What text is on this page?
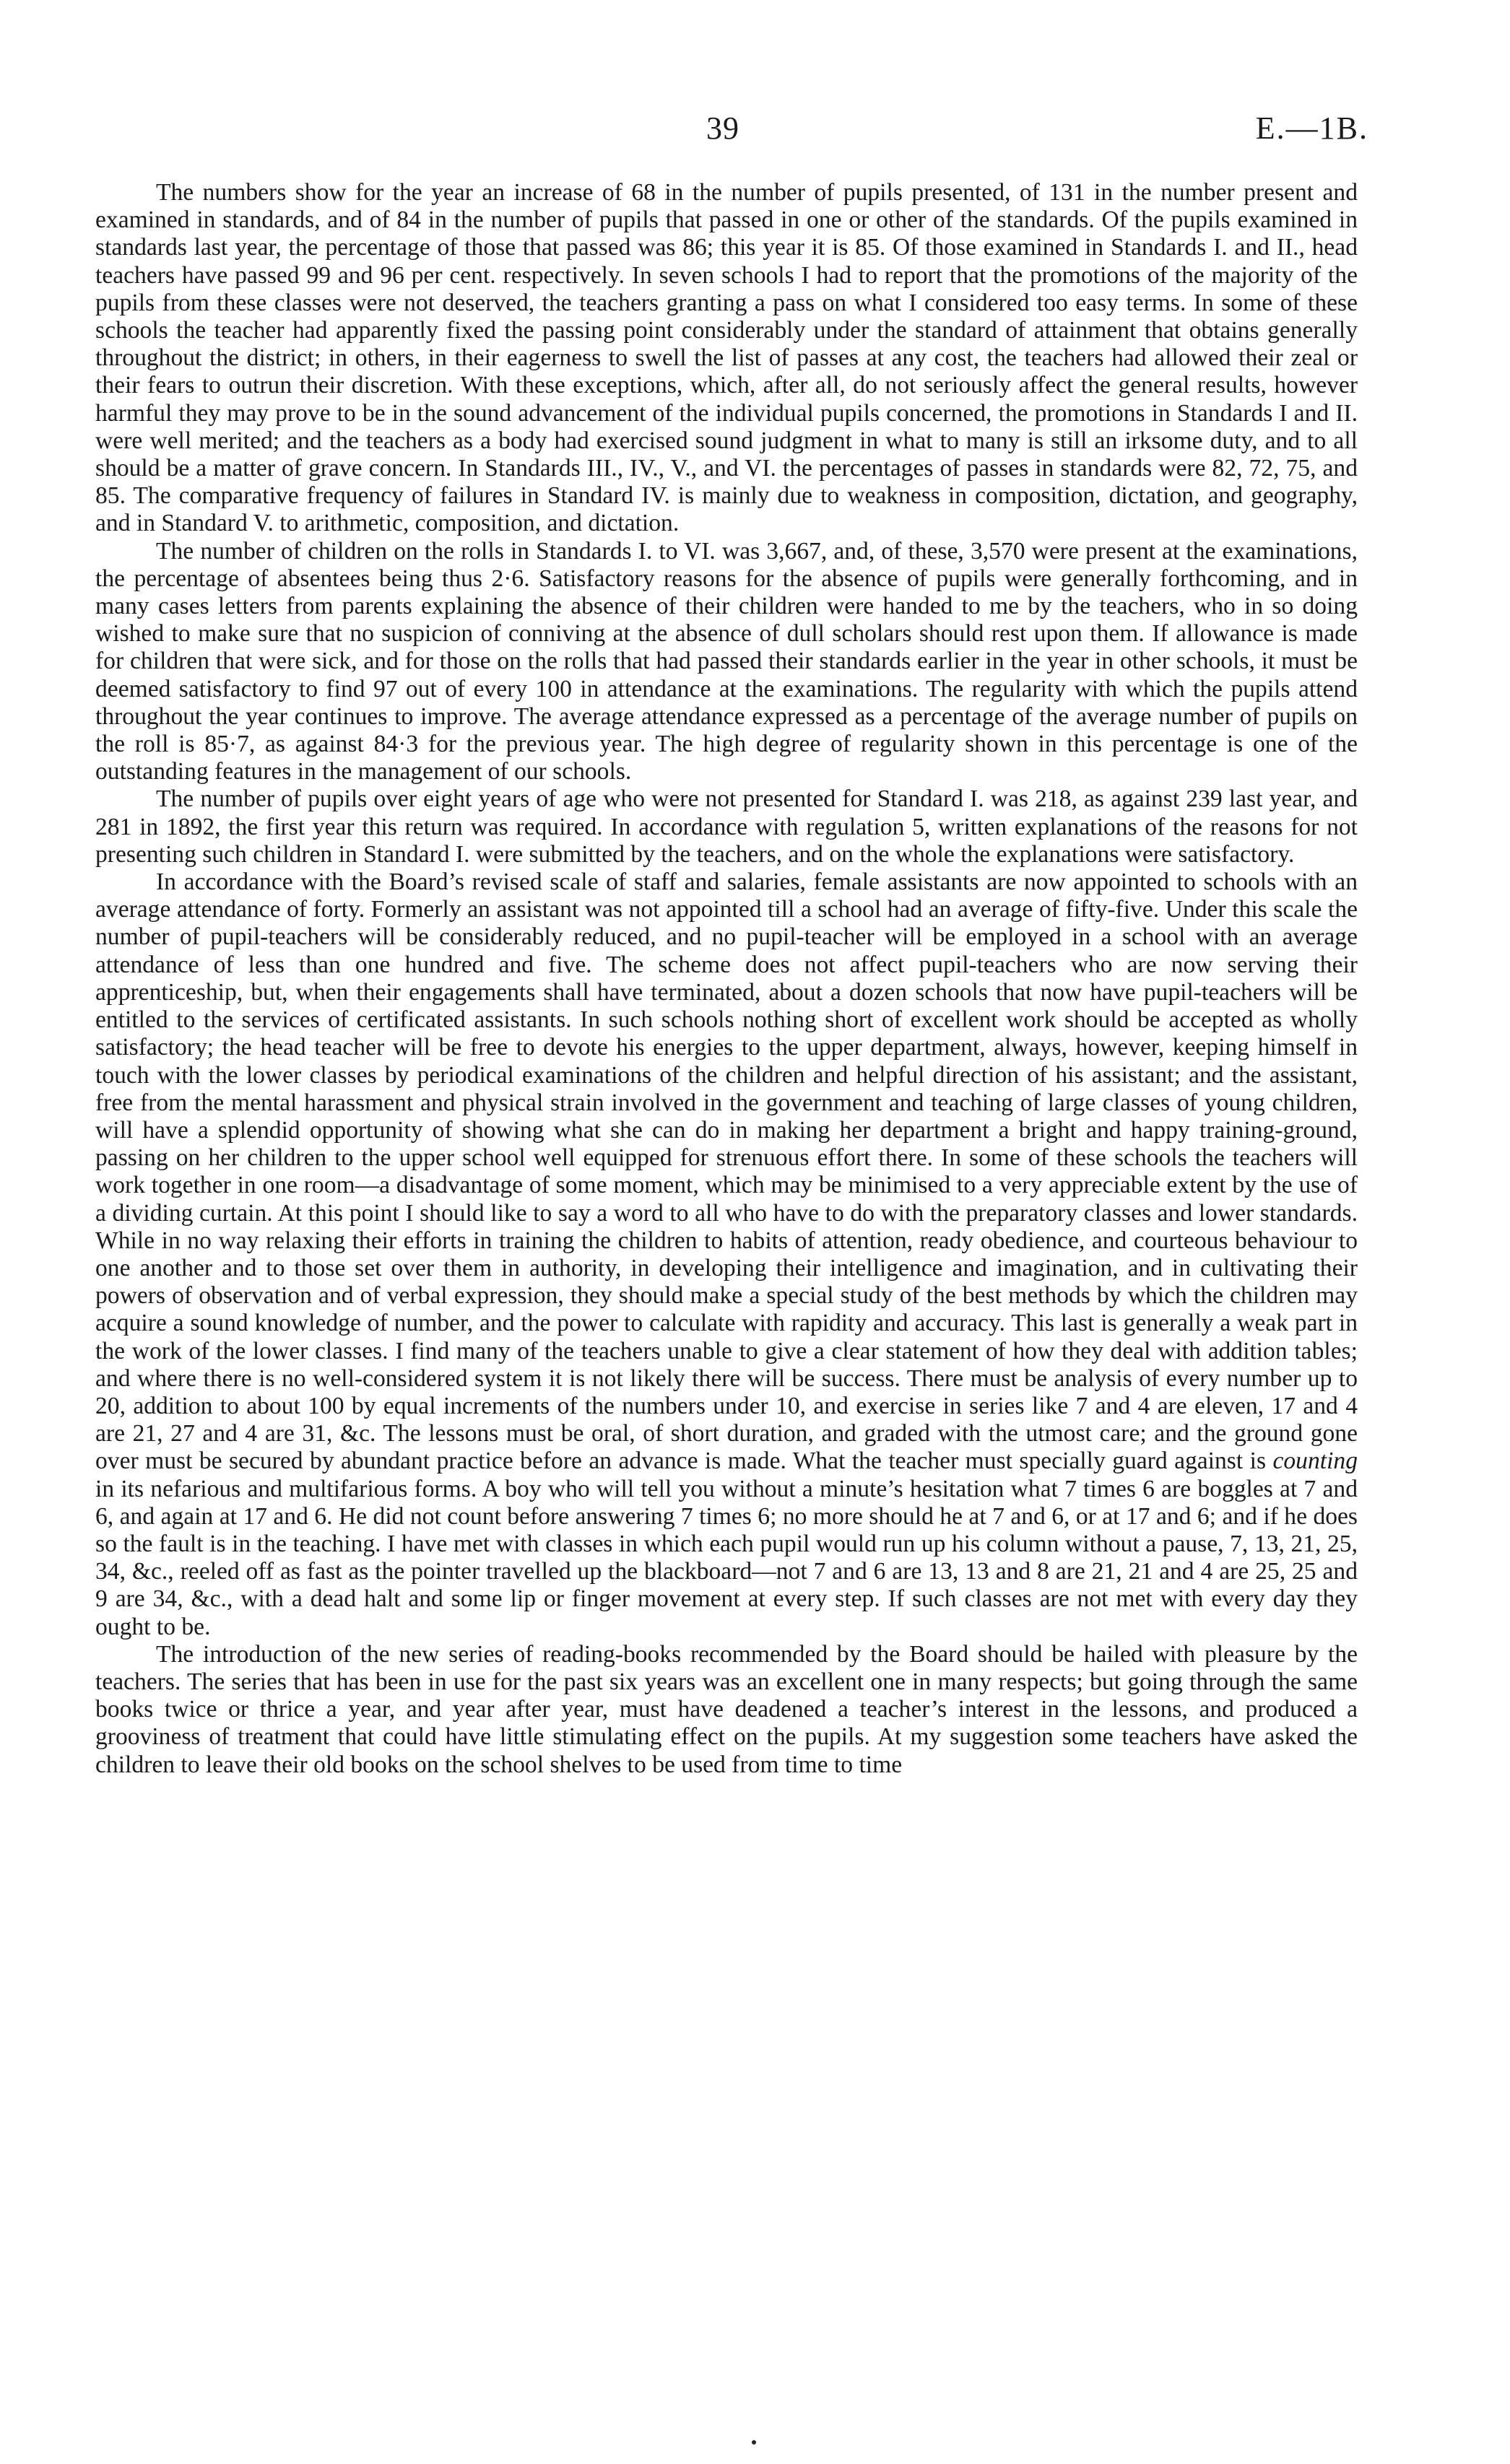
39	E.—1B.

The numbers show for the year an increase of 68 in the number of pupils presented, of 131 in the number present and examined in standards, and of 84 in the number of pupils that passed in one or other of the standards. Of the pupils examined in standards last year, the percentage of those that passed was 86; this year it is 85. Of those examined in Standards I. and II., head teachers have passed 99 and 96 per cent. respectively. In seven schools I had to report that the promotions of the majority of the pupils from these classes were not deserved, the teachers granting a pass on what I considered too easy terms. In some of these schools the teacher had apparently fixed the passing point considerably under the standard of attainment that obtains generally throughout the district; in others, in their eagerness to swell the list of passes at any cost, the teachers had allowed their zeal or their fears to outrun their discretion. With these exceptions, which, after all, do not seriously affect the general results, however harmful they may prove to be in the sound advancement of the individual pupils concerned, the promotions in Standards I and II. were well merited; and the teachers as a body had exercised sound judgment in what to many is still an irksome duty, and to all should be a matter of grave concern. In Standards III., IV., V., and VI. the percentages of passes in standards were 82, 72, 75, and 85. The comparative frequency of failures in Standard IV. is mainly due to weakness in composition, dictation, and geography, and in Standard V. to arithmetic, composition, and dictation.

The number of children on the rolls in Standards I. to VI. was 3,667, and, of these, 3,570 were present at the examinations, the percentage of absentees being thus 2·6. Satisfactory reasons for the absence of pupils were generally forthcoming, and in many cases letters from parents explaining the absence of their children were handed to me by the teachers, who in so doing wished to make sure that no suspicion of conniving at the absence of dull scholars should rest upon them. If allowance is made for children that were sick, and for those on the rolls that had passed their standards earlier in the year in other schools, it must be deemed satisfactory to find 97 out of every 100 in attendance at the examinations. The regularity with which the pupils attend throughout the year continues to improve. The average attendance expressed as a percentage of the average number of pupils on the roll is 85·7, as against 84·3 for the previous year. The high degree of regularity shown in this percentage is one of the outstanding features in the management of our schools.

The number of pupils over eight years of age who were not presented for Standard I. was 218, as against 239 last year, and 281 in 1892, the first year this return was required. In accordance with regulation 5, written explanations of the reasons for not presenting such children in Standard I. were submitted by the teachers, and on the whole the explanations were satisfactory.

In accordance with the Board’s revised scale of staff and salaries, female assistants are now appointed to schools with an average attendance of forty. Formerly an assistant was not appointed till a school had an average of fifty-five. Under this scale the number of pupil-teachers will be considerably reduced, and no pupil-teacher will be employed in a school with an average attendance of less than one hundred and five. The scheme does not affect pupil-teachers who are now serving their apprenticeship, but, when their engagements shall have terminated, about a dozen schools that now have pupil-teachers will be entitled to the services of certificated assistants. In such schools nothing short of excellent work should be accepted as wholly satisfactory; the head teacher will be free to devote his energies to the upper department, always, however, keeping himself in touch with the lower classes by periodical examinations of the children and helpful direction of his assistant; and the assistant, free from the mental harassment and physical strain involved in the government and teaching of large classes of young children, will have a splendid opportunity of showing what she can do in making her department a bright and happy training-ground, passing on her children to the upper school well equipped for strenuous effort there. In some of these schools the teachers will work together in one room—a disadvantage of some moment, which may be minimised to a very appreciable extent by the use of a dividing curtain. At this point I should like to say a word to all who have to do with the preparatory classes and lower standards. While in no way relaxing their efforts in training the children to habits of attention, ready obedience, and courteous behaviour to one another and to those set over them in authority, in developing their intelligence and imagination, and in cultivating their powers of observation and of verbal expression, they should make a special study of the best methods by which the children may acquire a sound knowledge of number, and the power to calculate with rapidity and accuracy. This last is generally a weak part in the work of the lower classes. I find many of the teachers unable to give a clear statement of how they deal with addition tables; and where there is no well-considered system it is not likely there will be success. There must be analysis of every number up to 20, addition to about 100 by equal increments of the numbers under 10, and exercise in series like 7 and 4 are eleven, 17 and 4 are 21, 27 and 4 are 31, &c. The lessons must be oral, of short duration, and graded with the utmost care; and the ground gone over must be secured by abundant practice before an advance is made. What the teacher must specially guard against is counting in its nefarious and multifarious forms. A boy who will tell you without a minute’s hesitation what 7 times 6 are boggles at 7 and 6, and again at 17 and 6. He did not count before answering 7 times 6; no more should he at 7 and 6, or at 17 and 6; and if he does so the fault is in the teaching. I have met with classes in which each pupil would run up his column without a pause, 7, 13, 21, 25, 34, &c., reeled off as fast as the pointer travelled up the blackboard—not 7 and 6 are 13, 13 and 8 are 21, 21 and 4 are 25, 25 and 9 are 34, &c., with a dead halt and some lip or finger movement at every step. If such classes are not met with every day they ought to be.

The introduction of the new series of reading-books recommended by the Board should be hailed with pleasure by the teachers. The series that has been in use for the past six years was an excellent one in many respects; but going through the same books twice or thrice a year, and year after year, must have deadened a teacher’s interest in the lessons, and produced a grooviness of treatment that could have little stimulating effect on the pupils. At my suggestion some teachers have asked the children to leave their old books on the school shelves to be used from time to time
